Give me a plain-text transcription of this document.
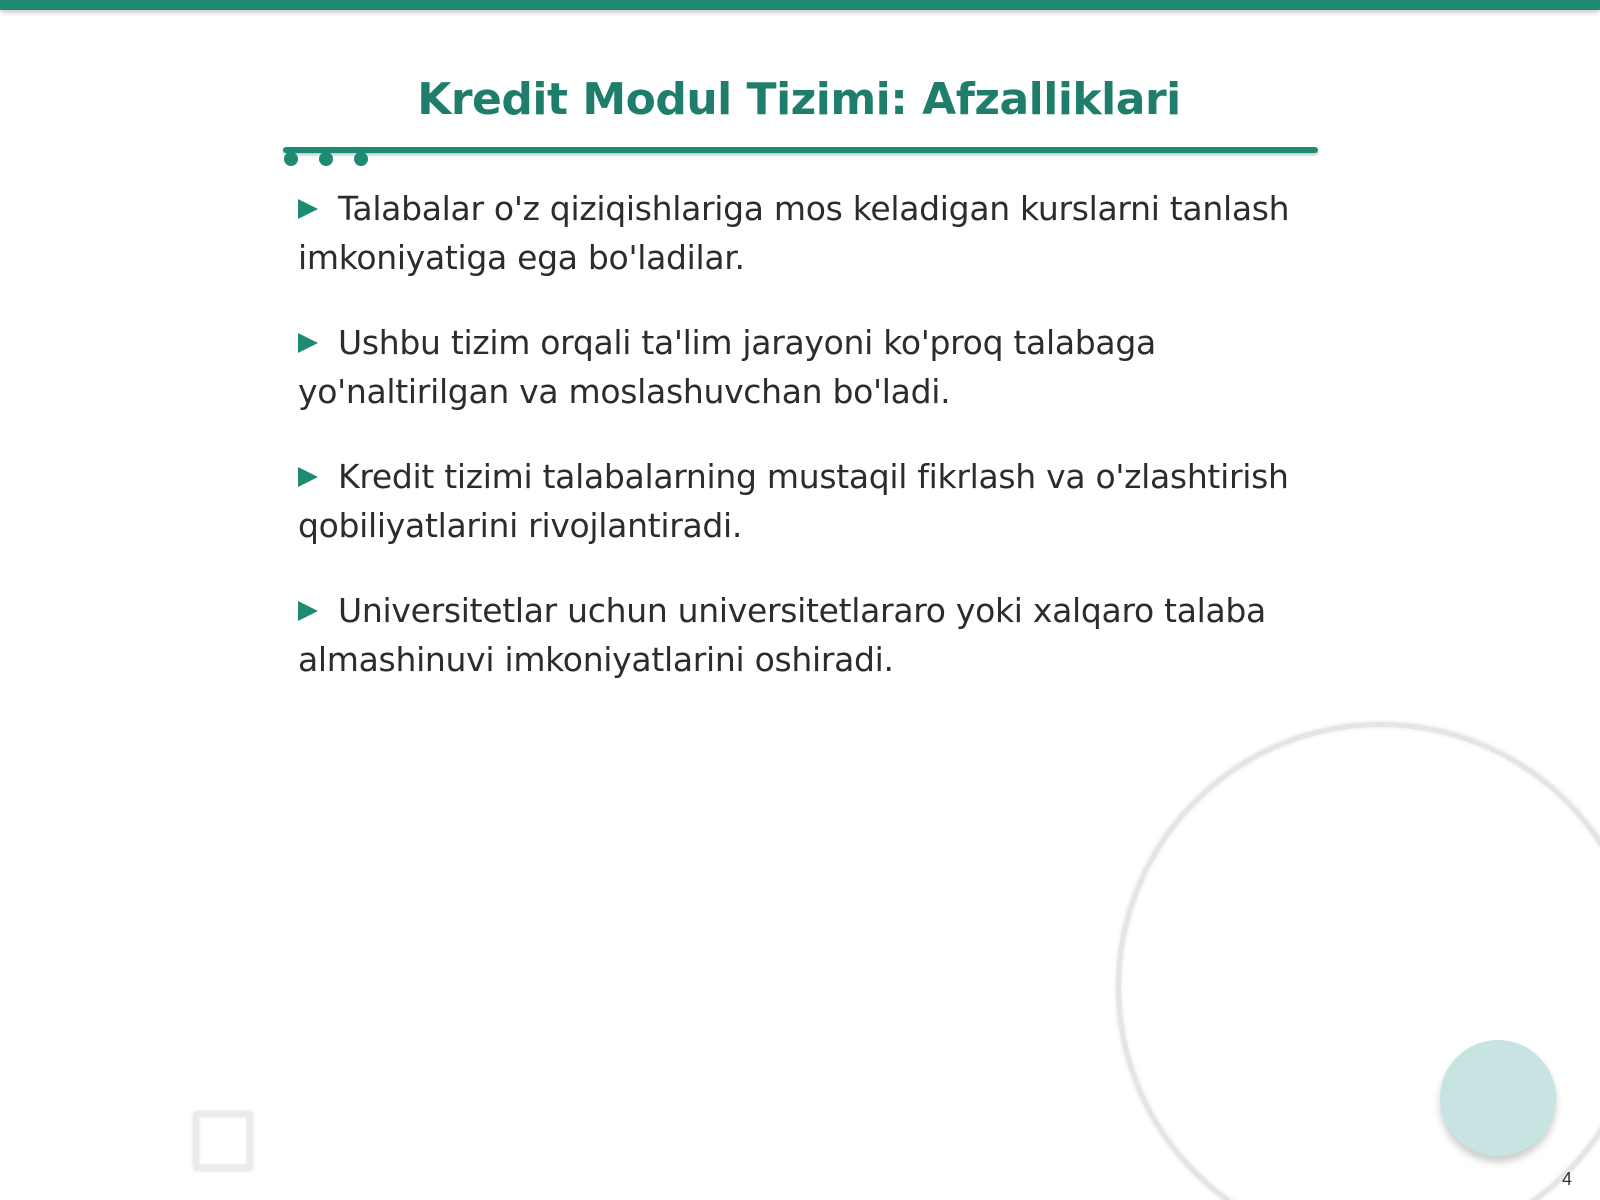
Kredit Modul Tizimi: Afzalliklari
Talabalar o'z qiziqishlariga mos keladigan kurslarni tanlash imkoniyatiga ega bo'ladilar.
Ushbu tizim orqali ta'lim jarayoni ko'proq talabaga yo'naltirilgan va moslashuvchan bo'ladi.
Kredit tizimi talabalarning mustaqil fikrlash va o'zlashtirish qobiliyatlarini rivojlantiradi.
Universitetlar uchun universitetlararo yoki xalqaro talaba almashinuvi imkoniyatlarini oshiradi.
4
